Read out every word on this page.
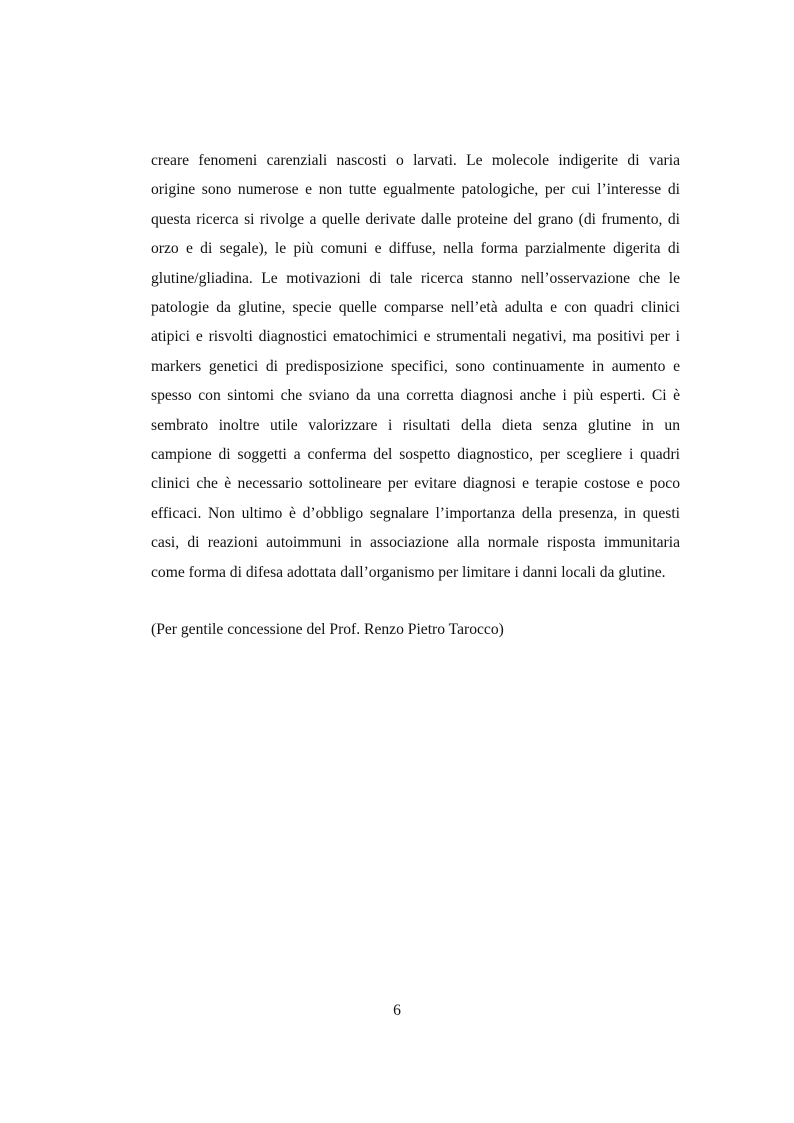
creare fenomeni carenziali nascosti o larvati. Le molecole indigerite di varia
origine sono numerose e non tutte egualmente patologiche, per cui l’interesse di
questa ricerca si rivolge a quelle derivate dalle proteine del grano (di frumento, di
orzo e di segale), le più comuni e diffuse, nella forma parzialmente digerita di
glutine/gliadina. Le motivazioni di tale ricerca stanno nell’osservazione che le
patologie da glutine, specie quelle comparse nell’età adulta e con quadri clinici
atipici e risvolti diagnostici ematochimici e strumentali negativi, ma positivi per i
markers genetici di predisposizione specifici, sono continuamente in aumento e
spesso con sintomi che sviano da una corretta diagnosi anche i più esperti. Ci è
sembrato inoltre utile valorizzare i risultati della dieta senza glutine in un
campione di soggetti a conferma del sospetto diagnostico, per scegliere i quadri
clinici che è necessario sottolineare per evitare diagnosi e terapie costose e poco
efficaci. Non ultimo è d’obbligo segnalare l’importanza della presenza, in questi
casi, di reazioni autoimmuni in associazione alla normale risposta immunitaria
come forma di difesa adottata dall’organismo per limitare i danni locali da glutine.

(Per gentile concessione del Prof. Renzo Pietro Tarocco)

6
